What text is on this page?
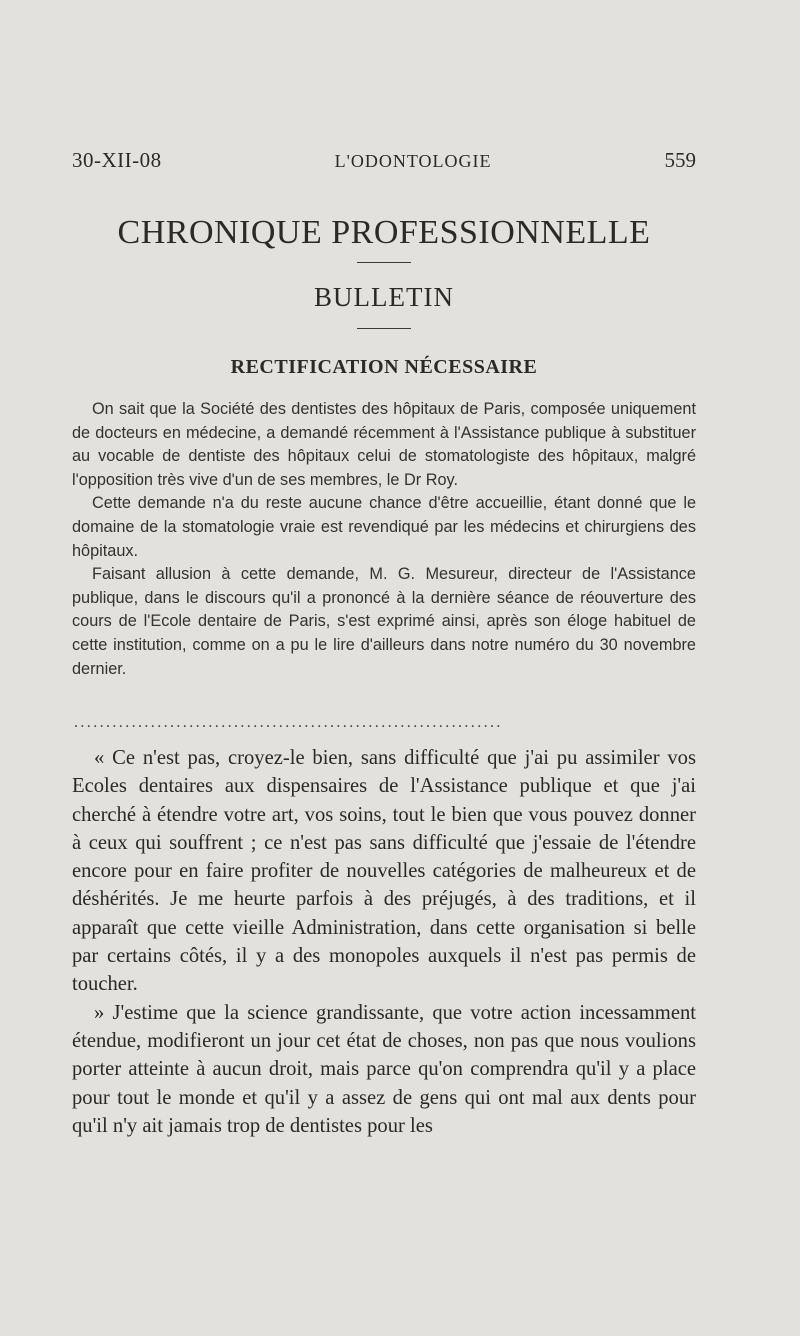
30-XII-08	L'ODONTOLOGIE	559
CHRONIQUE PROFESSIONNELLE
BULLETIN
RECTIFICATION NÉCESSAIRE

On sait que la Société des dentistes des hôpitaux de Paris, composée uniquement de docteurs en médecine, a demandé récemment à l'Assistance publique à substituer au vocable de dentiste des hôpitaux celui de stomatologiste des hôpitaux, malgré l'opposition très vive d'un de ses membres, le Dr Roy.

Cette demande n'a du reste aucune chance d'être accueillie, étant donné que le domaine de la stomatologie vraie est revendiqué par les médecins et chirurgiens des hôpitaux.

Faisant allusion à cette demande, M. G. Mesureur, directeur de l'Assistance publique, dans le discours qu'il a prononcé à la dernière séance de réouverture des cours de l'Ecole dentaire de Paris, s'est exprimé ainsi, après son éloge habituel de cette institution, comme on a pu le lire d'ailleurs dans notre numéro du 30 novembre dernier.

...................................................................

« Ce n'est pas, croyez-le bien, sans difficulté que j'ai pu assimiler vos Ecoles dentaires aux dispensaires de l'Assistance publique et que j'ai cherché à étendre votre art, vos soins, tout le bien que vous pouvez donner à ceux qui souffrent ; ce n'est pas sans difficulté que j'essaie de l'étendre encore pour en faire profiter de nouvelles catégories de malheureux et de déshérités. Je me heurte parfois à des préjugés, à des traditions, et il apparaît que cette vieille Administration, dans cette organisation si belle par certains côtés, il y a des monopoles auxquels il n'est pas permis de toucher.

» J'estime que la science grandissante, que votre action incessamment étendue, modifieront un jour cet état de choses, non pas que nous voulions porter atteinte à aucun droit, mais parce qu'on comprendra qu'il y a place pour tout le monde et qu'il y a assez de gens qui ont mal aux dents pour qu'il n'y ait jamais trop de dentistes pour les
